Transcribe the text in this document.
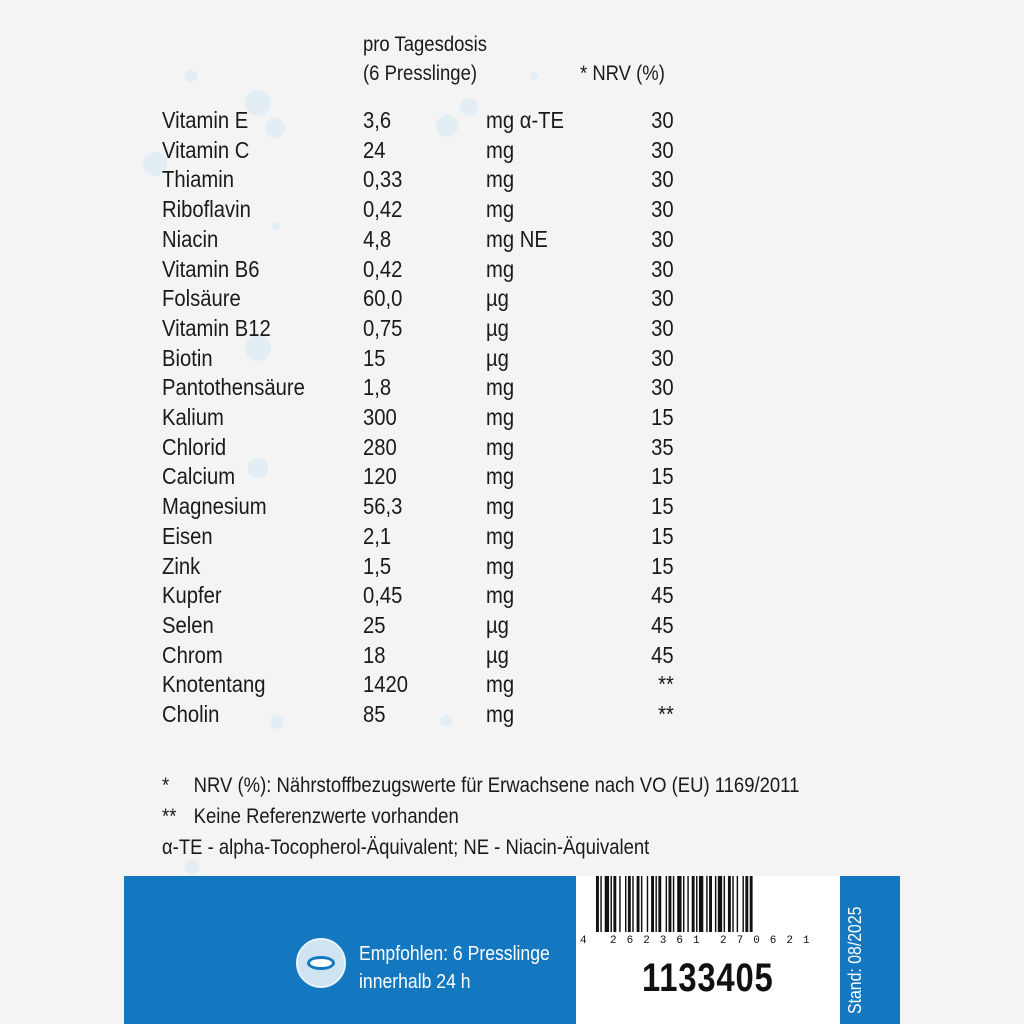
pro Tagesdosis
(6 Presslinge)	* NRV (%)
Vitamin E	3,6	mg α-TE	30
Vitamin C	24	mg	30
Thiamin	0,33	mg	30
Riboflavin	0,42	mg	30
Niacin	4,8	mg NE	30
Vitamin B6	0,42	mg	30
Folsäure	60,0	µg	30
Vitamin B12	0,75	µg	30
Biotin	15	µg	30
Pantothensäure	1,8	mg	30
Kalium	300	mg	15
Chlorid	280	mg	35
Calcium	120	mg	15
Magnesium	56,3	mg	15
Eisen	2,1	mg	15
Zink	1,5	mg	15
Kupfer	0,45	mg	45
Selen	25	µg	45
Chrom	18	µg	45
Knotentang	1420	mg	**
Cholin	85	mg	**
* NRV (%): Nährstoffbezugswerte für Erwachsene nach VO (EU) 1169/2011
** Keine Referenzwerte vorhanden
α-TE - alpha-Tocopherol-Äquivalent; NE - Niacin-Äquivalent
Empfohlen: 6 Presslinge
innerhalb 24 h
4 262361 270621
1133405	Stand: 08/2025
